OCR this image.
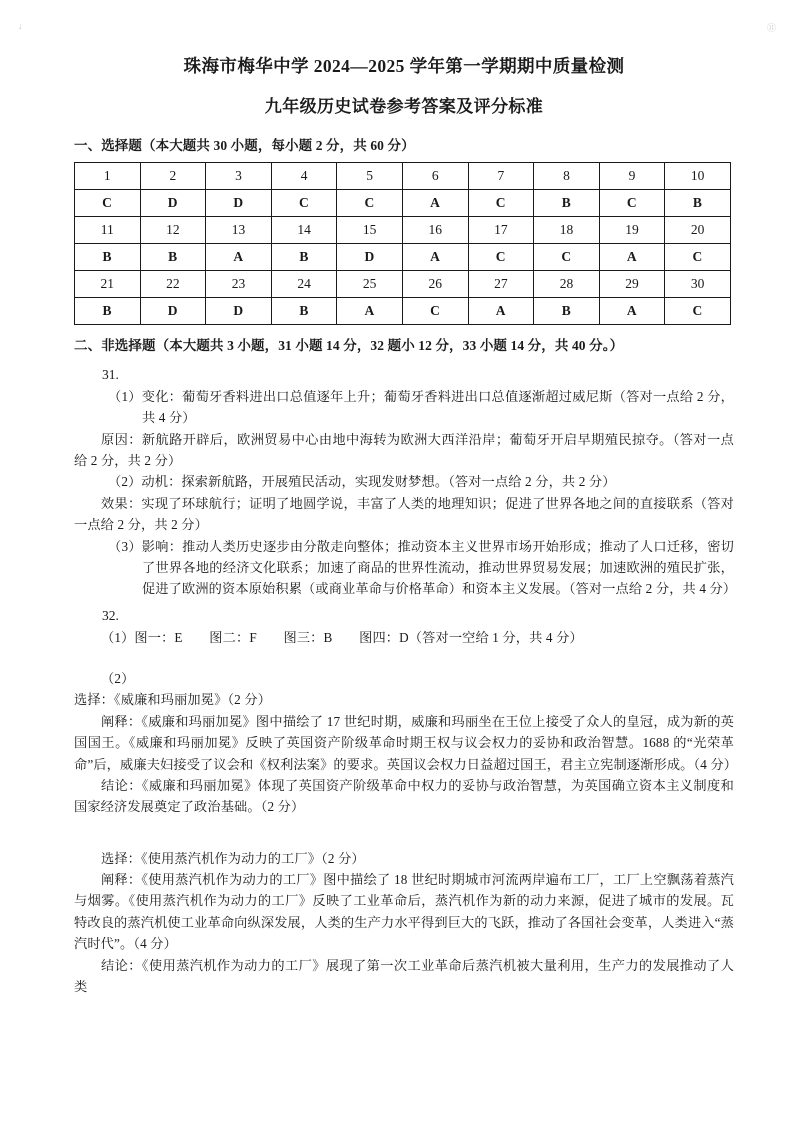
↓	⑪
珠海市梅华中学 2024—2025 学年第一学期期中质量检测
九年级历史试卷参考答案及评分标准
一、选择题（本大题共 30 小题，每小题 2 分，共 60 分）
1	2	3	4	5	6	7	8	9	10
C	D	D	C	C	A	C	B	C	B
11	12	13	14	15	16	17	18	19	20
B	B	A	B	D	A	C	C	A	C
21	22	23	24	25	26	27	28	29	30
B	D	D	B	A	C	A	B	A	C
二、非选择题（本大题共 3 小题，31 小题 14 分，32 题小 12 分，33 小题 14 分，共 40 分。）
31.

（1）变化：葡萄牙香料进出口总值逐年上升；葡萄牙香料进出口总值逐渐超过威尼斯（答对一点给 2 分，共 4 分）

原因：新航路开辟后，欧洲贸易中心由地中海转为欧洲大西洋沿岸；葡萄牙开启早期殖民掠夺。（答对一点给 2 分，共 2 分）

（2）动机：探索新航路，开展殖民活动，实现发财梦想。（答对一点给 2 分，共 2 分）

效果：实现了环球航行；证明了地圆学说，丰富了人类的地理知识；促进了世界各地之间的直接联系（答对一点给 2 分，共 2 分）

（3）影响：推动人类历史逐步由分散走向整体；推动资本主义世界市场开始形成；推动了人口迁移，密切了世界各地的经济文化联系；加速了商品的世界性流动，推动世界贸易发展；加速欧洲的殖民扩张，促进了欧洲的资本原始积累（或商业革命与价格革命）和资本主义发展。（答对一点给 2 分，共 4 分）

32.

（1）图一：E　　图二：F　　图三：B　　图四：D（答对一空给 1 分，共 4 分）

（2）

选择：《威廉和玛丽加冕》（2 分）

阐释：《威廉和玛丽加冕》图中描绘了 17 世纪时期，威廉和玛丽坐在王位上接受了众人的皇冠，成为新的英国国王。《威廉和玛丽加冕》反映了英国资产阶级革命时期王权与议会权力的妥协和政治智慧。1688 的“光荣革命”后，威廉夫妇接受了议会和《权利法案》的要求。英国议会权力日益超过国王，君主立宪制逐渐形成。（4 分）

结论：《威廉和玛丽加冕》体现了英国资产阶级革命中权力的妥协与政治智慧，为英国确立资本主义制度和国家经济发展奠定了政治基础。（2 分）

选择：《使用蒸汽机作为动力的工厂》（2 分）

阐释：《使用蒸汽机作为动力的工厂》图中描绘了 18 世纪时期城市河流两岸遍布工厂，工厂上空飘荡着蒸汽与烟雾。《使用蒸汽机作为动力的工厂》反映了工业革命后，蒸汽机作为新的动力来源，促进了城市的发展。瓦特改良的蒸汽机使工业革命向纵深发展，人类的生产力水平得到巨大的飞跃，推动了各国社会变革，人类进入“蒸汽时代”。（4 分）

结论：《使用蒸汽机作为动力的工厂》展现了第一次工业革命后蒸汽机被大量利用，生产力的发展推动了人类
